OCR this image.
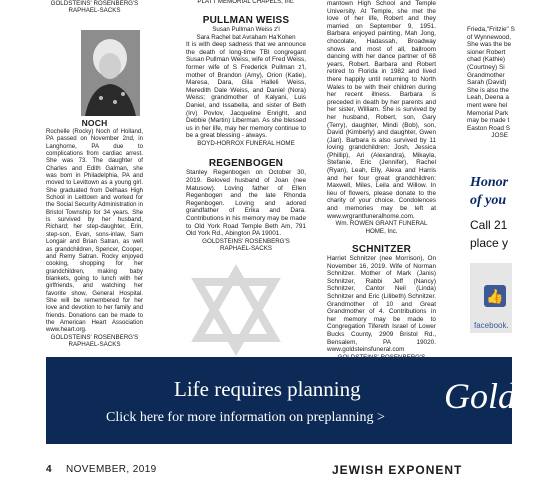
GOLDSTEINS' ROSENBERG'S

RAPHAEL-SACKS

NOCH

Rochelle (Rocky) Noch of Holland, PA passed on November 2nd, in Langhorne, PA due to complications from cardiac arrest. She was 73. The daughter of Charles and Edith Galman, she was born in Philadelphia, PA and moved to Levittown as a young girl. She graduated from Delhaas High School in Leittown and worked for the Social Security Administration in Bristol Township for 34 years. She is survived by her husband, Richard; her step-daughter, Erin, step-son, Evan, sons-inlaw, Sam Longair and Brian Satran, as well as grandchildren, Spencer, Cooper, and Remy Satran. Rocky enjoyed cooking, shopping for her grandchildren, making baby blankets, going to lunch with her girlfriends, and watching her favorite show, General Hospital. She will be remembered for her love and devotion to her family and friends. Donations can be made to the American Heart Association www.heart.org.

GOLDSTEINS' ROSENBERG'S

RAPHAEL-SACKS

PLATT MEMORIAL CHAPELS, Inc.

PULLMAN WEISS

Susan Pullman Weiss z'l

Sara Rachel bat Avraham Ha'Kohen

It is with deep sadness that we announce the death of long-time TBI congregant Susan Pullman Weiss, wife of Fred Weiss, former wife of S Frederick Pullman z'l, mother of Brandon (Amy), Orion (Katie), Maresa, Dara, Gila Halleli Weiss, Meredith Dale Weiss, and Daniel (Nora) Weiss; grandmother of Kalyani, Luis Daniel, and Issabella, and sister of Beth (Irv) Povlov, Jacqueline Enright, and Debbie (Martin) Liberman. As she blessed us in her life, may her memory continue to be a great blessing - always.

BOYD-HORROX FUNERAL HOME

REGENBOGEN

Stanley Regenbogen on October 30, 2019. Beloved husband of Joan (nee Matusow). Loving father of Ellen Regenbogen and the late Rhonda Regenbogen. Loving and adored grandfather of Erika and Dara. Contributions in his memory may be made to Old York Road Temple Beth Am, 791 Old York Rd., Abington PA 19001.

GOLDSTEINS' ROSENBERG'S

RAPHAEL-SACKS

mantown High School and Temple University. At Temple, she met the love of her life, Robert and they married on September 9, 1951. Barbara enjoyed painting, Mah Jong, chocolate, Hadassah, Broadway shows and most of all, ballroom dancing with her dance partner of 68 years, Robert. Barbara and Robert retired to Florida in 1982 and lived there happily until returning to North Wales to be with their children during her recent illness. Barbara is preceded in death by her parents and her sister, William. She is survived by her husband, Robert, son, Gary (Terry), daughter, Mindi (Bob), son, David (Kimberly) and daughter, Gwen (Jan). Barbara is also survived by 11 loving grandchildren: Josh, Jessica (Phillip), Ari (Alexandra), Mikayla, Stefanie, Eric (Jennifer), Rachel (Ryan), Leah, Elly, Alexa and Harris and her four great grandchildren: Maxwell, Miles, Leila and Willow. In lieu of flowers, please donate to the charity of your choice. Condolences and memories may be left at www.wrgrantfuneralhome.com.

Wm. ROWEN GRANT FUNERAL HOME, Inc.

SCHNITZER

Harriet Schnitzer (nee Morrison), On November 16, 2019. Wife of Norman Schnitzer. Mother of Mark (Janis) Schnitzer, Rabbi Jeff (Nancy) Schnitzer, Cantor Neil (Linda) Schnitzer and Eric (Lilibeth) Schnitzer. Grandmother of 10 and Great Grandmother of 4. Contributions in her memory may be made to Congregation Tifereth Israel of Lower Bucks County, 2909 Bristol Rd., Bensalem, PA 19020. www.goldsteinsfuneral.com

Frieda,"Fritzie" S

of Wynnewood,

She was the be

sioner Robert

chad (Kathie)

(Courtney) Si

Grandmother

Sarah (David)

She is also the

Leah, Deena a

ment were hel

Memorial Park

may be made t

Easton Road S

JOSE

Honor
of you
Call 21
place y
👍
facebook.
Life requires planning
Click here for more information on preplanning >
Goldst
4 NOVEMBER, 2019	JEWISH EXPONENT
